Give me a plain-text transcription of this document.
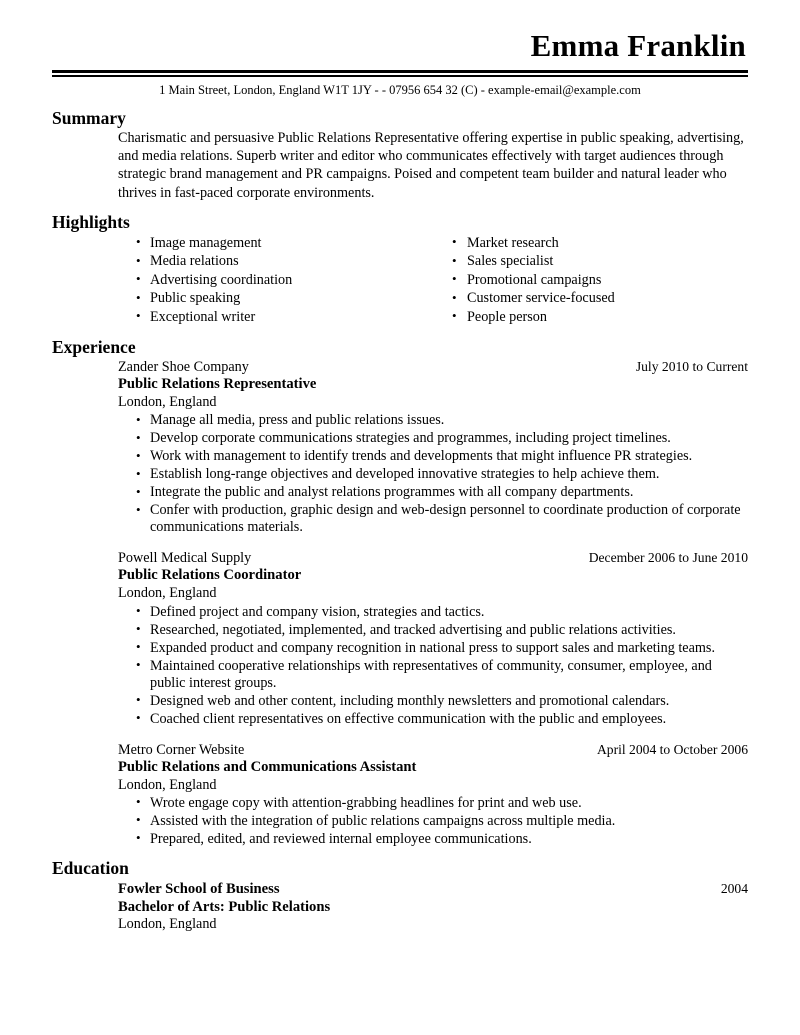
Emma Franklin
1 Main Street, London, England W1T 1JY - - 07956 654 32 (C) - example-email@example.com
Summary
Charismatic and persuasive Public Relations Representative offering expertise in public speaking, advertising, and media relations. Superb writer and editor who communicates effectively with target audiences through strategic brand management and PR campaigns. Poised and competent team builder and natural leader who thrives in fast-paced corporate environments.
Highlights
• Image management
• Media relations
• Advertising coordination
• Public speaking
• Exceptional writer
• Market research
• Sales specialist
• Promotional campaigns
• Customer service-focused
• People person
Experience
Zander Shoe Company	July 2010 to Current
Public Relations Representative
London, England
• Manage all media, press and public relations issues.
• Develop corporate communications strategies and programmes, including project timelines.
• Work with management to identify trends and developments that might influence PR strategies.
• Establish long-range objectives and developed innovative strategies to help achieve them.
• Integrate the public and analyst relations programmes with all company departments.
• Confer with production, graphic design and web-design personnel to coordinate production of corporate communications materials.
Powell Medical Supply	December 2006 to June 2010
Public Relations Coordinator
London, England
• Defined project and company vision, strategies and tactics.
• Researched, negotiated, implemented, and tracked advertising and public relations activities.
• Expanded product and company recognition in national press to support sales and marketing teams.
• Maintained cooperative relationships with representatives of community, consumer, employee, and public interest groups.
• Designed web and other content, including monthly newsletters and promotional calendars.
• Coached client representatives on effective communication with the public and employees.
Metro Corner Website	April 2004 to October 2006
Public Relations and Communications Assistant
London, England
• Wrote engage copy with attention-grabbing headlines for print and web use.
• Assisted with the integration of public relations campaigns across multiple media.
• Prepared, edited, and reviewed internal employee communications.
Education
Fowler School of Business	2004
Bachelor of Arts: Public Relations
London, England
